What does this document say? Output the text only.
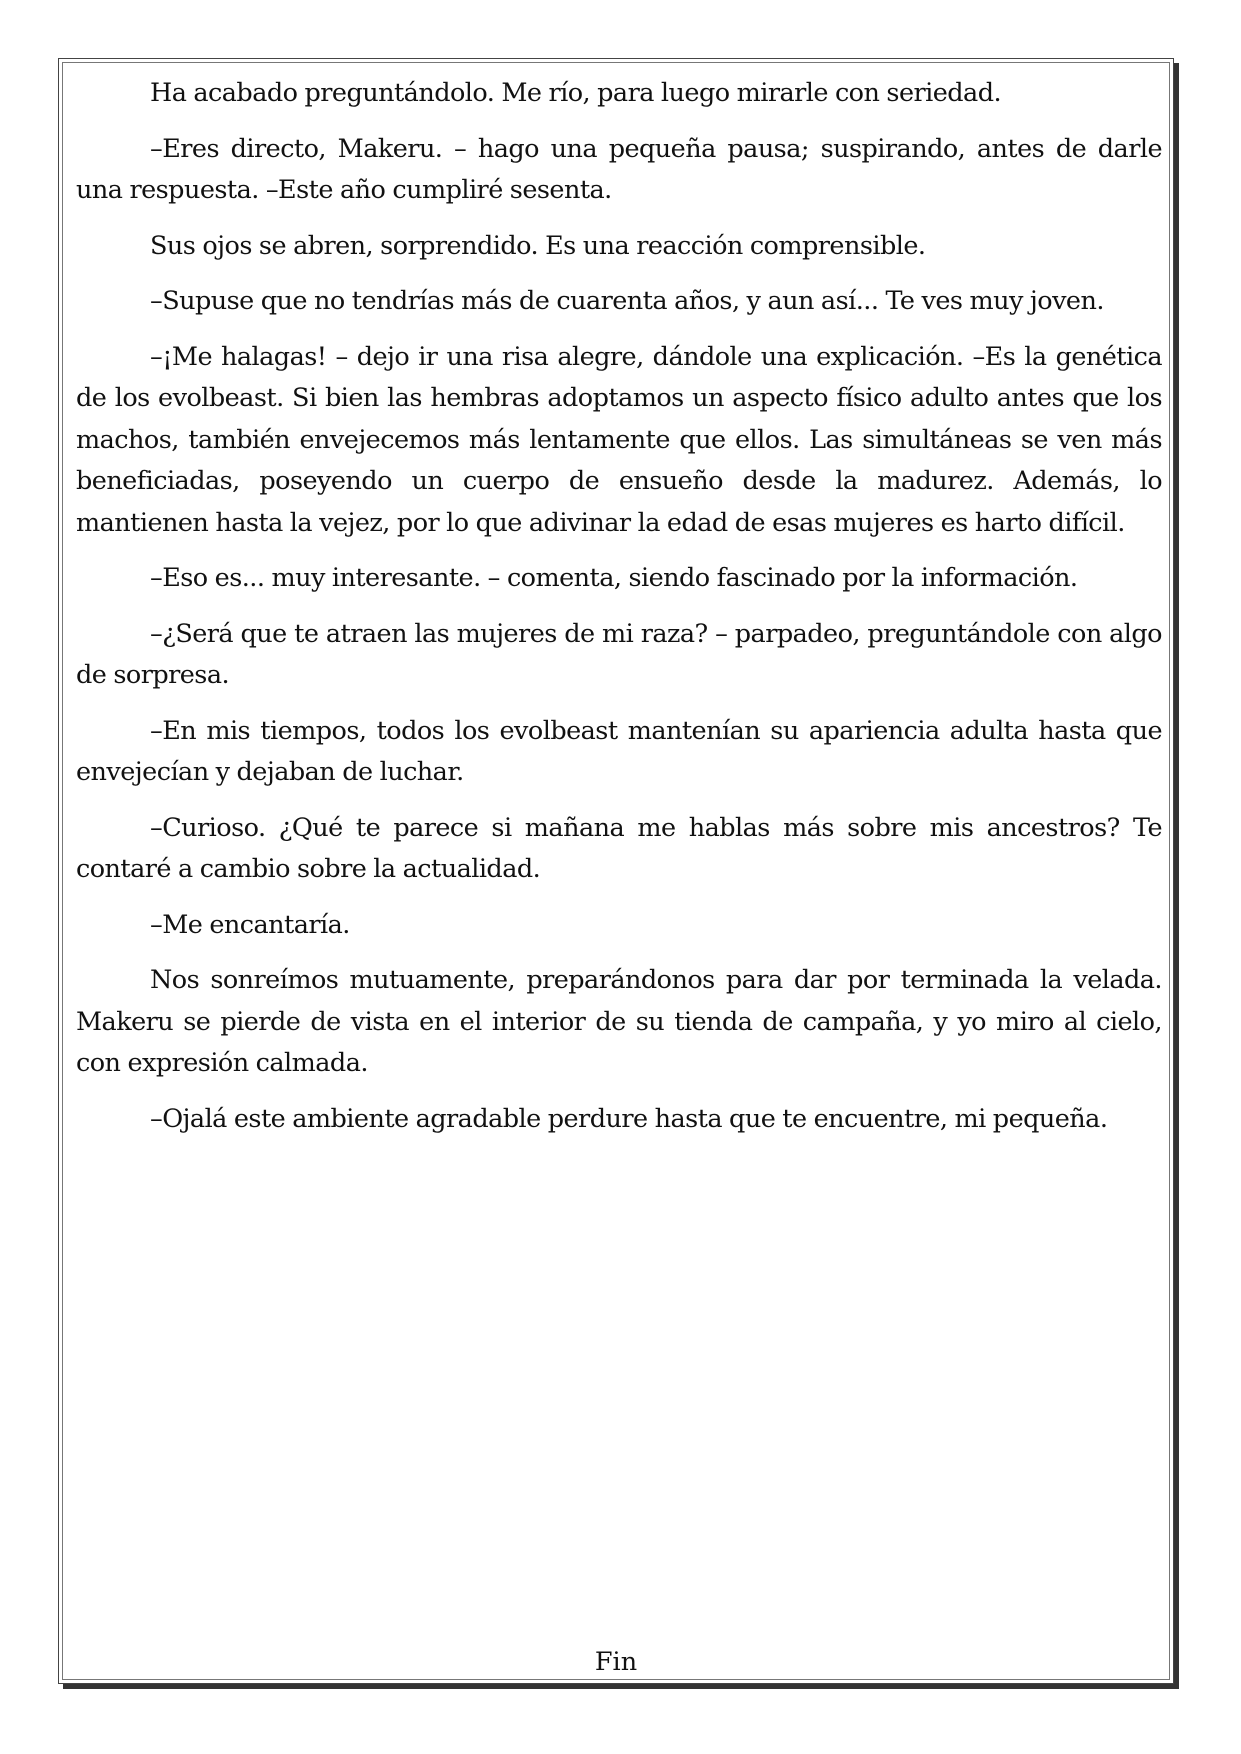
Ha acabado preguntándolo. Me río, para luego mirarle con seriedad.

–Eres directo, Makeru. – hago una pequeña pausa; suspirando, antes de darle una respuesta. –Este año cumpliré sesenta.

Sus ojos se abren, sorprendido. Es una reacción comprensible.

–Supuse que no tendrías más de cuarenta años, y aun así... Te ves muy joven.

–¡Me halagas! – dejo ir una risa alegre, dándole una explicación. –Es la genética de los evolbeast. Si bien las hembras adoptamos un aspecto físico adulto antes que los machos, también envejecemos más lentamente que ellos. Las simultáneas se ven más beneficiadas, poseyendo un cuerpo de ensueño desde la madurez. Además, lo mantienen hasta la vejez, por lo que adivinar la edad de esas mujeres es harto difícil.

–Eso es... muy interesante. – comenta, siendo fascinado por la información.

–¿Será que te atraen las mujeres de mi raza? – parpadeo, preguntándole con algo de sorpresa.

–En mis tiempos, todos los evolbeast mantenían su apariencia adulta hasta que envejecían y dejaban de luchar.

–Curioso. ¿Qué te parece si mañana me hablas más sobre mis ancestros? Te contaré a cambio sobre la actualidad.

–Me encantaría.

Nos sonreímos mutuamente, preparándonos para dar por terminada la velada. Makeru se pierde de vista en el interior de su tienda de campaña, y yo miro al cielo, con expresión calmada.

–Ojalá este ambiente agradable perdure hasta que te encuentre, mi pequeña.

Fin
